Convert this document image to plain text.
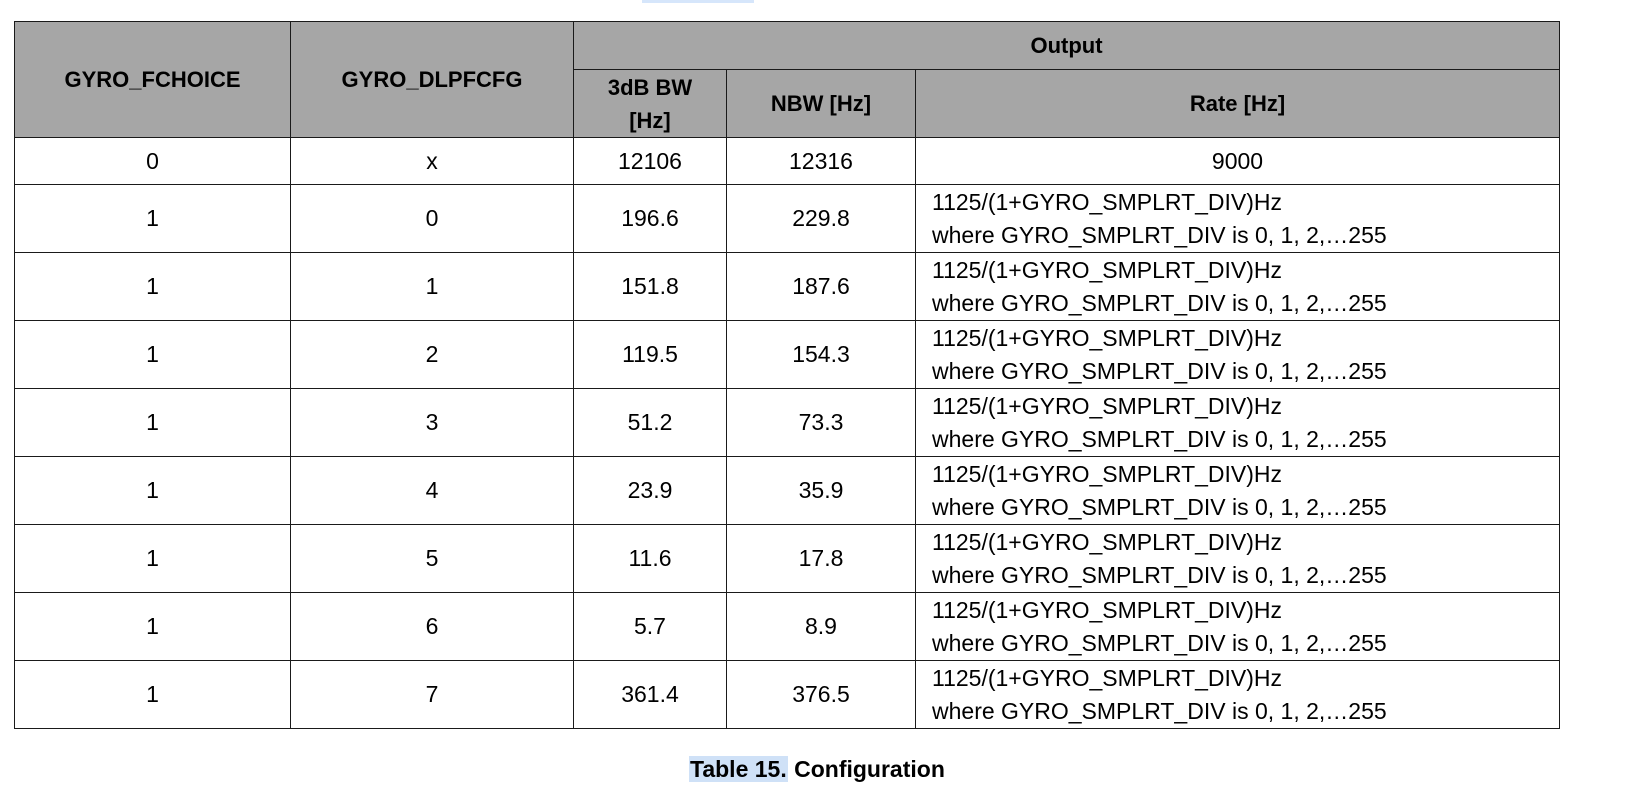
GYRO_FCHOICE	GYRO_DLPFCFG	Output		
		3dB BW [Hz]	NBW [Hz]	Rate [Hz]
0	x	12106	12316	9000
1	0	196.6	229.8	1125/(1+GYRO_SMPLRT_DIV)Hz
where GYRO_SMPLRT_DIV is 0, 1, 2,…255

1	1	151.8	187.6	1125/(1+GYRO_SMPLRT_DIV)Hz
where GYRO_SMPLRT_DIV is 0, 1, 2,…255

1	2	119.5	154.3	1125/(1+GYRO_SMPLRT_DIV)Hz
where GYRO_SMPLRT_DIV is 0, 1, 2,…255

1	3	51.2	73.3	1125/(1+GYRO_SMPLRT_DIV)Hz
where GYRO_SMPLRT_DIV is 0, 1, 2,…255

1	4	23.9	35.9	1125/(1+GYRO_SMPLRT_DIV)Hz
where GYRO_SMPLRT_DIV is 0, 1, 2,…255

1	5	11.6	17.8	1125/(1+GYRO_SMPLRT_DIV)Hz
where GYRO_SMPLRT_DIV is 0, 1, 2,…255

1	6	5.7	8.9	1125/(1+GYRO_SMPLRT_DIV)Hz
where GYRO_SMPLRT_DIV is 0, 1, 2,…255

1	7	361.4	376.5	1125/(1+GYRO_SMPLRT_DIV)Hz
where GYRO_SMPLRT_DIV is 0, 1, 2,…255
Table 15. Configuration
